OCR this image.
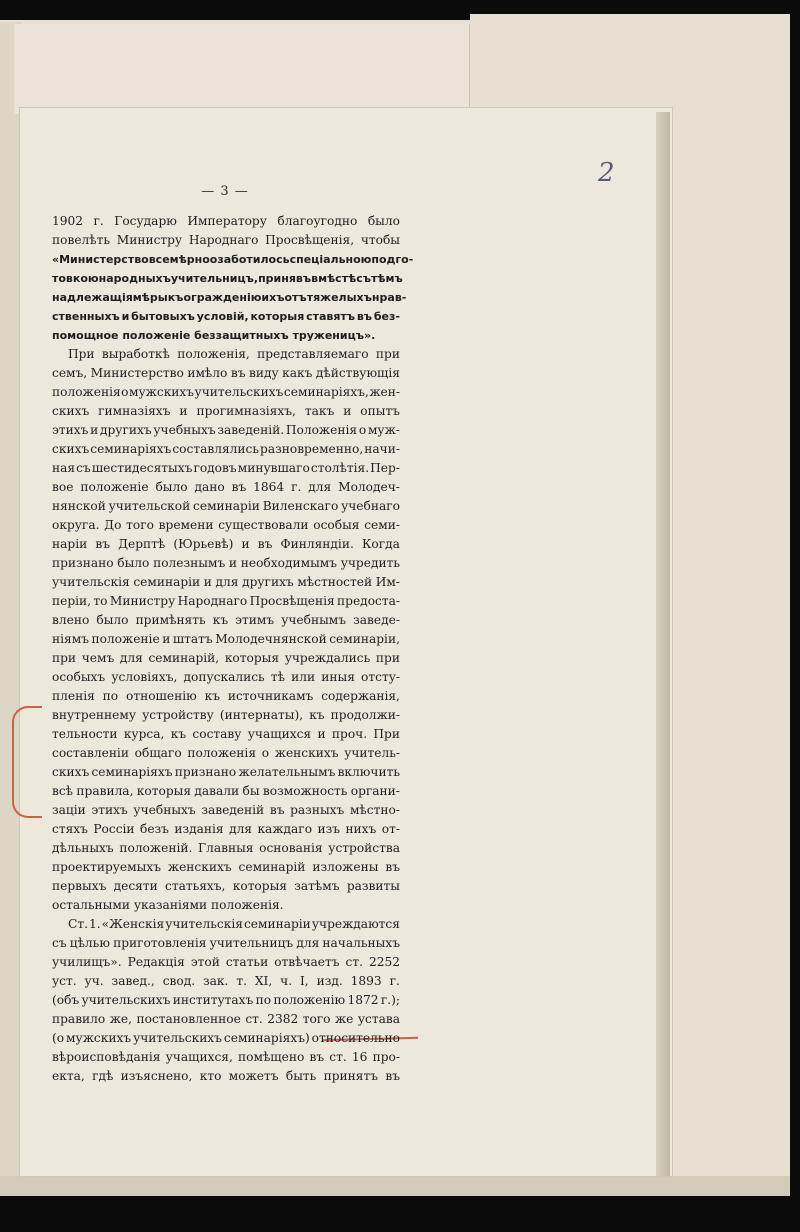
— 3 —
2
1902 г. Государю Императору благоугодно было
повелѣть Министру Народнаго Просвѣщенія, чтобы
«Министерство всемѣрно озаботилось спеціальною подго-
товкою народныхъ учительницъ, принявъ вмѣстѣ съ тѣмъ
надлежащія мѣры къ огражденію ихъ отъ тяжелыхъ нрав-
ственныхъ и бытовыхъ условій, которыя ставятъ въ без-
помощное положеніе беззащитныхъ труженицъ».
При выработкѣ положенія, представляемаго при
семъ, Министерство имѣло въ виду какъ дѣйствующія
положенія о мужскихъ учительскихъ семинаріяхъ, жен-
скихъ гимназіяхъ и прогимназіяхъ, такъ и опытъ
этихъ и другихъ учебныхъ заведеній. Положенія о муж-
скихъ семинаріяхъ составлялись разновременно, начи-
ная съ шестидесятыхъ годовъ минувшаго столѣтія. Пер-
вое положеніе было дано въ 1864 г. для Молодеч-
нянской учительской семинаріи Виленскаго учебнаго
округа. До того времени существовали особыя семи-
наріи въ Дерптѣ (Юрьевѣ) и въ Финляндіи. Когда
признано было полезнымъ и необходимымъ учредить
учительскія семинаріи и для другихъ мѣстностей Им-
періи, то Министру Народнаго Просвѣщенія предоста-
влено было примѣнять къ этимъ учебнымъ заведе-
ніямъ положеніе и штатъ Молодечнянской семинаріи,
при чемъ для семинарій, которыя учреждались при
особыхъ условіяхъ, допускались тѣ или иныя отсту-
пленія по отношенію къ источникамъ содержанія,
внутреннему устройству (интернаты), къ продолжи-
тельности курса, къ составу учащихся и проч. При
составленіи общаго положенія о женскихъ учитель-
скихъ семинаріяхъ признано желательнымъ включить
всѣ правила, которыя давали бы возможность органи-
заціи этихъ учебныхъ заведеній въ разныхъ мѣстно-
стяхъ Россіи безъ изданія для каждаго изъ нихъ от-
дѣльныхъ положеній. Главныя основанія устройства
проектируемыхъ женскихъ семинарій изложены въ
первыхъ десяти статьяхъ, которыя затѣмъ развиты
остальными указаніями положенія.
Ст. 1. «Женскія учительскія семинаріи учреждаются
съ цѣлью приготовленія учительницъ для начальныхъ
училищъ». Редакція этой статьи отвѣчаетъ ст. 2252
уст. уч. завед., свод. зак. т. XI, ч. I, изд. 1893 г.
(объ учительскихъ институтахъ по положенію 1872 г.);
правило же, постановленное ст. 2382 того же устава
(о мужскихъ учительскихъ семинаріяхъ) относительно
вѣроисповѣданія учащихся, помѣщено въ ст. 16 про-
екта, гдѣ изъяснено, кто можетъ быть принятъ въ
